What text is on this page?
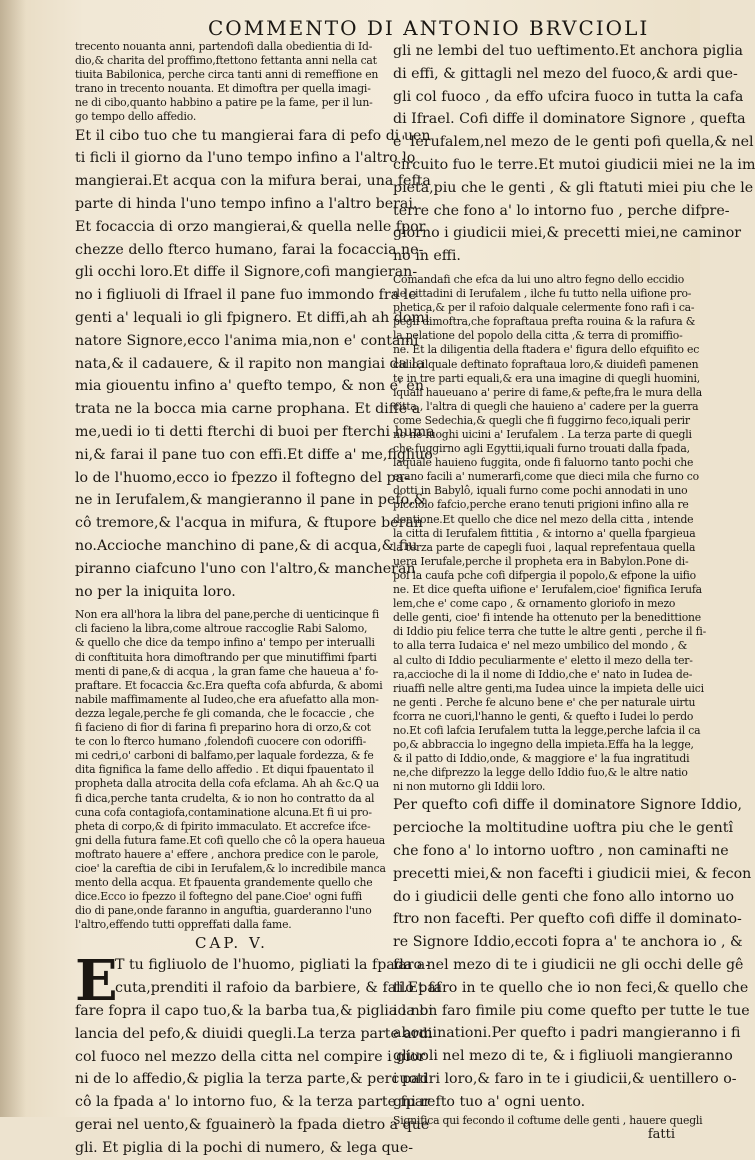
COMMENTO DI ANTONIO BRVCIOLI
trecento nouanta anni, partendofi dalla obedientia di Id-
dio,& charita del proffimo,ftettono fettanta anni nella cat
tiuita Babilonica, perche circa tanti anni di remeffione en
trano in trecento nouanta. Et dimoftra per quella imagi-
ne di cibo,quanto habbino a patire pe la fame, per il lun-
go tempo dello affedio.
Et il cibo tuo che tu mangierai fara di pefo di uen
ti ficli il giorno da l'uno tempo infino a l'altro lo
mangierai.Et acqua con la mifura berai, una fefta
parte di hinda l'uno tempo infino a l'altro berai.
Et focaccia di orzo mangierai,& quella nelle fpor
chezze dello fterco humano, farai la focaccia ne-
gli occhi loro.Et diffe il Signore,cofi mangieran-
no i figliuoli di Ifrael il pane fuo immondo fra le
genti a' lequali io gli fpignero. Et diffi,ah ah domi
natore Signore,ecco l'anima mia,non e' contami
nata,& il cadauere, & il rapito non mangiai da la
mia giouentu infino a' quefto tempo, & non e' en
trata ne la bocca mia carne prophana. Et diffe a
me,uedi io ti detti fterchi di buoi per fterchi huma
ni,& farai il pane tuo con effi.Et diffe a' me,figliuo
lo de l'huomo,ecco io fpezzo il foftegno del pa-
ne in Ierufalem,& mangieranno il pane in pefo,&
cô tremore,& l'acqua in mifura, & ftupore beran
no.Accioche manchino di pane,& di acqua,& fiu
piranno ciafcuno l'uno con l'altro,& mancheran
no per la iniquita loro.
Non era all'hora la libra del pane,perche di uenticinque fi
cli facieno la libra,come altroue raccoglie Rabi Salomo,
& quello che dice da tempo infino a' tempo per interualli
di conftituita hora dimoftrando per que minutiffimi fparti
menti di pane,& di acqua , la gran fame che haueua a' fo-
praftare. Et focaccia &c.Era quefta cofa abfurda, & abomi
nabile maffimamente al Iudeo,che era afuefatto alla mon-
dezza legale,perche fe gli comanda, che le focaccie , che
fi facieno di fior di farina fi preparino hora di orzo,& cot
te con lo fterco humano ,folendofi cuocere con odoriffi-
mi cedri,o' carboni di balfamo,per laquale fordezza, & fe
dita fignifica la fame dello affedio . Et diqui fpauentato il
propheta dalla atrocita della cofa efclama. Ah ah &c.Q ua
fi dica,perche tanta crudelta, & io non ho contratto da al
cuna cofa contagiofa,contaminatione alcuna.Et fi ui pro-
pheta di corpo,& di fpirito immaculato. Et accrefce ifce-
gni della futura fame.Et cofi quello che cô la opera haueua
moftrato hauere a' effere , anchora predice con le parole,
cioe' la careftia de cibi in Ierufalem,& lo incredibile manca
mento della acqua. Et fpauenta grandemente quello che
dice.Ecco io fpezzo il foftegno del pane.Cioe' ogni fuffi
dio di pane,onde faranno in anguftia, guarderanno l'uno
l'altro,effendo tutti oppreffati dalla fame.
CAP. V.
E
T tu figliuolo de l'huomo, pigliati la fpada a-
cuta,prenditi il rafoio da barbiere, & fallo paf
fare fopra il capo tuo,& la barba tua,& piglia la bi
lancia del pefo,& diuidi quegli.La terza parte ardi
col fuoco nel mezzo della citta nel compire i gior
ni de lo affedio,& piglia la terza parte,& percuoti
cô la fpada a' lo intorno fuo, & la terza parte fpar
gerai nel uento,& fguainerò la fpada dietro a que
gli. Et piglia di la pochi di numero, & lega que-
gli ne lembi del tuo ueftimento.Et anchora piglia
di effi, & gittagli nel mezo del fuoco,& ardi que-
gli col fuoco , da effo ufcira fuoco in tutta la cafa
di Ifrael. Cofi diffe il dominatore Signore , quefta
e' Ierufalem,nel mezo de le genti pofi quella,& nel
circuito fuo le terre.Et mutoi giudicii miei ne la im
pieta,piu che le genti , & gli ftatuti miei piu che le
terre che fono a' lo intorno fuo , perche difpre-
giorno i giudicii miei,& precetti miei,ne caminor
no in effi.
Comandafi che efca da lui uno altro fegno dello eccidio
de cittadini di Ierufalem , ilche fu tutto nella uifione pro-
phetica,& per il rafoio dalquale celermente fono rafi i ca-
pegli dimoftra,che fopraftaua prefta rouina & la rafura &
la pelatione del popolo della citta ,& terra di promiffio-
ne. Et la diligentia della ftadera e' figura dello efquifito ec
cidio,ilquale deftinato fopraftaua loro,& diuidefi pamenen
te in tre parti equali,& era una imagine di quegli huomini,
iquali haueuano a' perire di fame,& pefte,fra le mura della
citta , l'altra di quegli che hauieno a' cadere per la guerra
come Sedechia,& quegli che fi fuggirno feco,iquali perir
no ne luoghi uicini a' Ierufalem . La terza parte di quegli
che fuggirno agli Egyttii,iquali furno trouati dalla fpada,
laquale hauieno fuggita, onde fi faluorno tanto pochi che
erano facili a' numerarfi,come que dieci mila che furno co
dotti in Babylô, iquali furno come pochi annodati in uno
picciolo fafcio,perche erano tenuti prigioni infino alla re
dentione.Et quello che dice nel mezo della citta , intende
la citta di Ierufalem fittitia , & intorno a' quella fpargieua
la terza parte de capegli fuoi , laqual reprefentaua quella
uera Ierufale,perche il propheta era in Babylon.Pone di-
poi la caufa pche cofi difpergia il popolo,& efpone la uifio
ne. Et dice quefta uifione e' Ierufalem,cioe' fignifica Ierufa
lem,che e' come capo , & ornamento gloriofo in mezo
delle genti, cioe' fi intende ha ottenuto per la benedittione
di Iddio piu felice terra che tutte le altre genti , perche il fi-
to alla terra Iudaica e' nel mezo umbilico del mondo , &
al culto di Iddio peculiarmente e' eletto il mezo della ter-
ra,accioche di la il nome di Iddio,che e' nato in Iudea de-
riuaffi nelle altre genti,ma Iudea uince la impieta delle uici
ne genti . Perche fe alcuno bene e' che per naturale uirtu
fcorra ne cuori,l'hanno le genti, & quefto i Iudei lo perdo
no.Et cofi lafcia Ierufalem tutta la legge,perche lafcia il ca
po,& abbraccia lo ingegno della impieta.Effa ha la legge,
& il patto di Iddio,onde, & maggiore e' la fua ingratitudi
ne,che difprezzo la legge dello Iddio fuo,& le altre natio
ni non mutorno gli Iddii loro.
Per quefto cofi diffe il dominatore Signore Iddio,
percioche la moltitudine uoftra piu che le gentî
che fono a' lo intorno uoftro , non caminafti ne
precetti miei,& non facefti i giudicii miei, & fecon
do i giudicii delle genti che fono allo intorno uo
ftro non facefti. Per quefto cofi diffe il dominato-
re Signore Iddio,eccoti fopra a' te anchora io , &
faro nel mezo di te i giudicii ne gli occhi delle gê
ti.Et faro in te quello che io non feci,& quello che
io non faro fimile piu come quefto per tutte le tue
abominationi.Per quefto i padri mangieranno i fi
gliuoli nel mezo di te, & i figliuoli mangieranno
i padri loro,& faro in te i giudicii,& uentillero o-
gni refto tuo a' ogni uento.
Significa qui fecondo il coftume delle genti , hauere quegli
fatti
